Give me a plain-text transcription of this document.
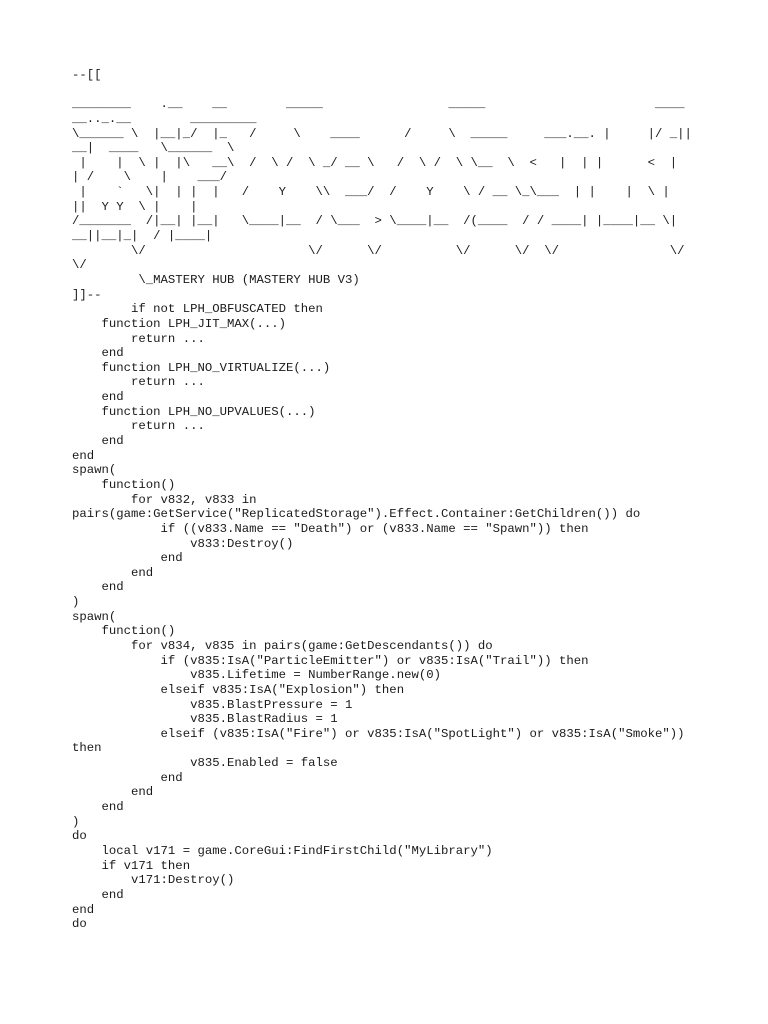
--[[
________    .__    __        _____                 _____                       ____
__.._.__        _________
\______ \  |__|_/  |_   /     \    ____      /     \  _____     ___.__. |     |/ _||
__|  ____   \______  \
|    |  \ |  |\   __\  /  \ /  \ _/ __ \   /  \ /  \ \__  \  <   |  | |      <  |
| /    \    |    ___/
|    `   \|  | |  |   /    Y    \\  ___/  /    Y    \ / __ \_\___  | |    |  \ |
||  Y Y  \ |    |
/_______  /|__| |__|   \____|__  / \___  > \____|__  /(____  / / ____| |____|__ \|
__||__|_|  / |____|
\/                      \/      \/          \/      \/  \/               \/
\/
\_MASTERY HUB (MASTERY HUB V3)
]]--
if not LPH_OBFUSCATED then
function LPH_JIT_MAX(...)
return ...
end
function LPH_NO_VIRTUALIZE(...)
return ...
end
function LPH_NO_UPVALUES(...)
return ...
end
end
spawn(
function()
for v832, v833 in
pairs(game:GetService("ReplicatedStorage").Effect.Container:GetChildren()) do
if ((v833.Name == "Death") or (v833.Name == "Spawn")) then
v833:Destroy()
end
end
end
)
spawn(
function()
for v834, v835 in pairs(game:GetDescendants()) do
if (v835:IsA("ParticleEmitter") or v835:IsA("Trail")) then
v835.Lifetime = NumberRange.new(0)
elseif v835:IsA("Explosion") then
v835.BlastPressure = 1
v835.BlastRadius = 1
elseif (v835:IsA("Fire") or v835:IsA("SpotLight") or v835:IsA("Smoke"))
then
v835.Enabled = false
end
end
end
)
do
local v171 = game.CoreGui:FindFirstChild("MyLibrary")
if v171 then
v171:Destroy()
end
end
do
